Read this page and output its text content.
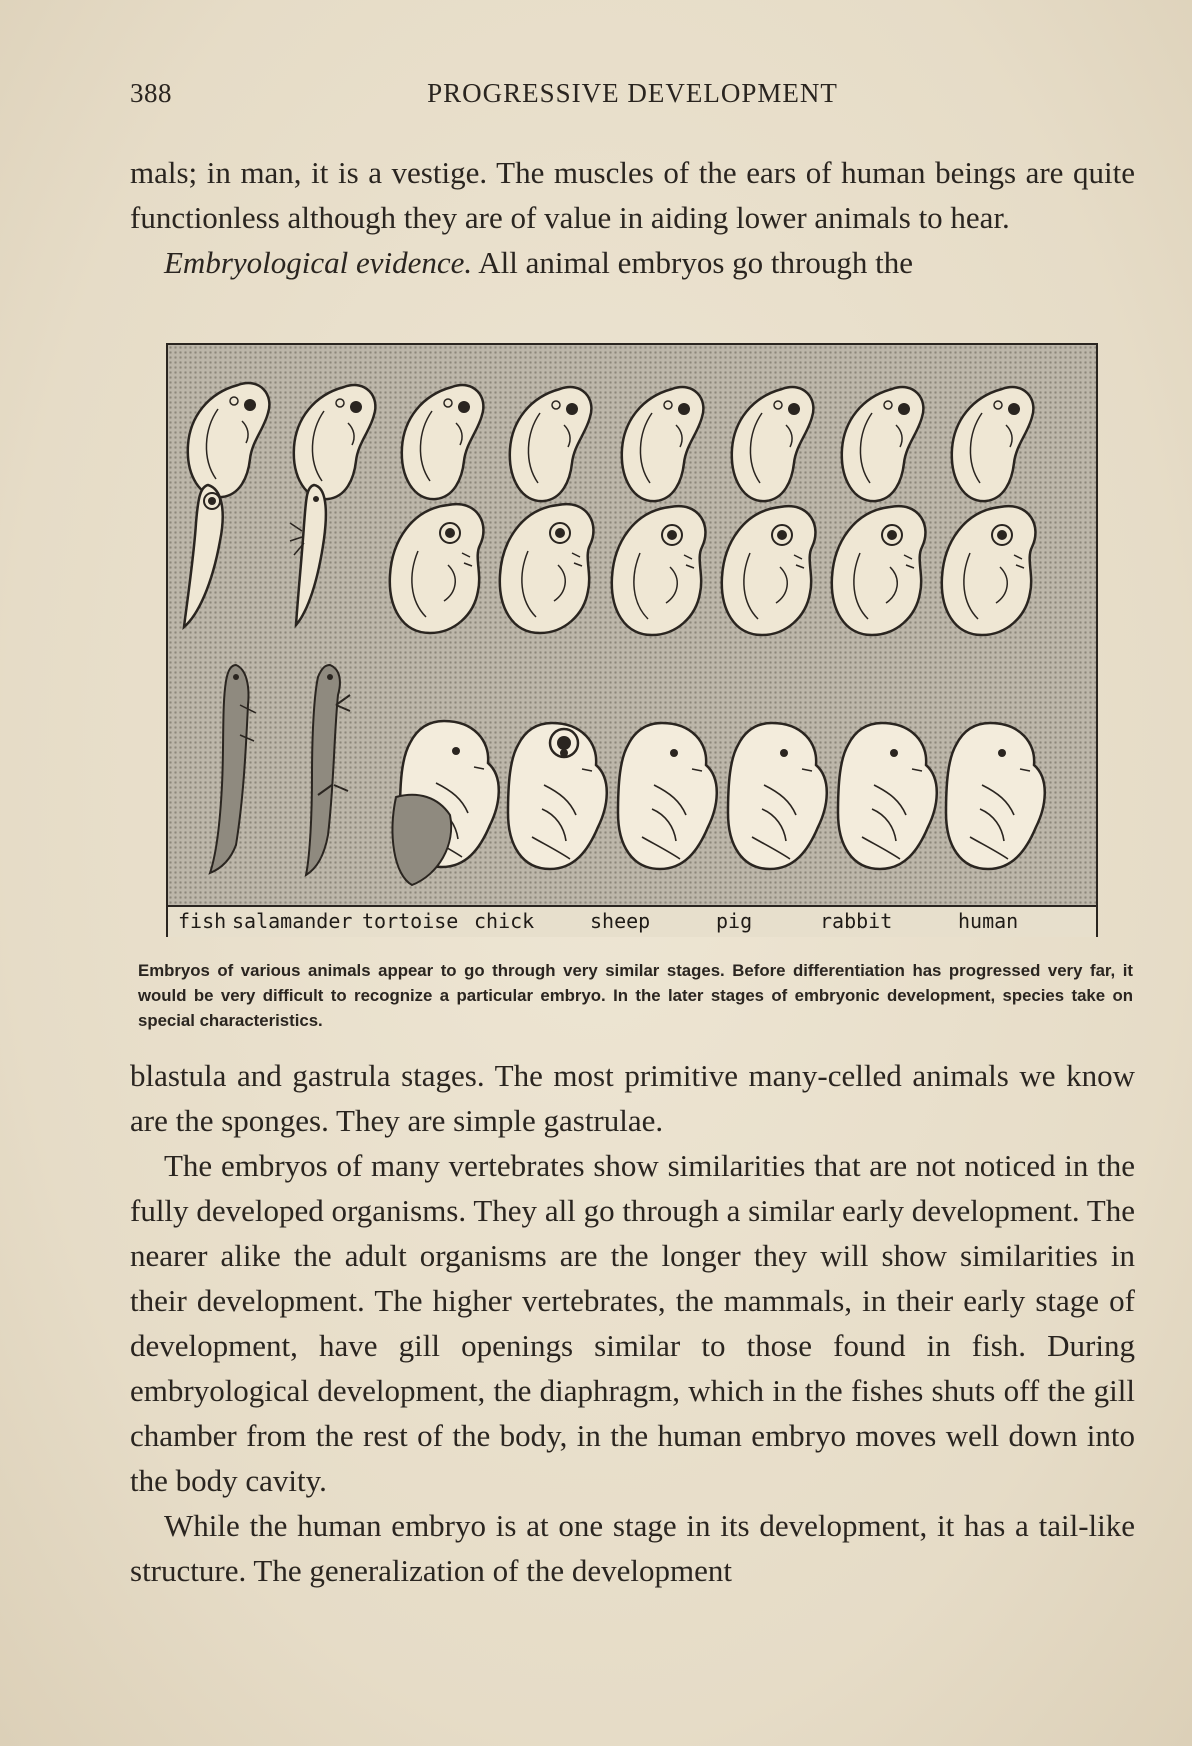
388	PROGRESSIVE DEVELOPMENT

mals; in man, it is a vestige. The muscles of the ears of human beings are quite functionless although they are of value in aiding lower animals to hear.

Embryological evidence. All animal embryos go through the

fish salamander tortoise chick	sheep	pig	rabbit	human
Embryos of various animals appear to go through very similar stages. Before differentiation has progressed very far, it would be very difficult to recognize a particular embryo. In the later stages of embryonic development, species take on special characteristics.

blastula and gastrula stages. The most primitive many-celled animals we know are the sponges. They are simple gastrulae.

The embryos of many vertebrates show similarities that are not noticed in the fully developed organisms. They all go through a similar early development. The nearer alike the adult organisms are the longer they will show similarities in their development. The higher vertebrates, the mammals, in their early stage of development, have gill openings similar to those found in fish. During embryological development, the diaphragm, which in the fishes shuts off the gill chamber from the rest of the body, in the human embryo moves well down into the body cavity.

While the human embryo is at one stage in its development, it has a tail-like structure. The generalization of the development
